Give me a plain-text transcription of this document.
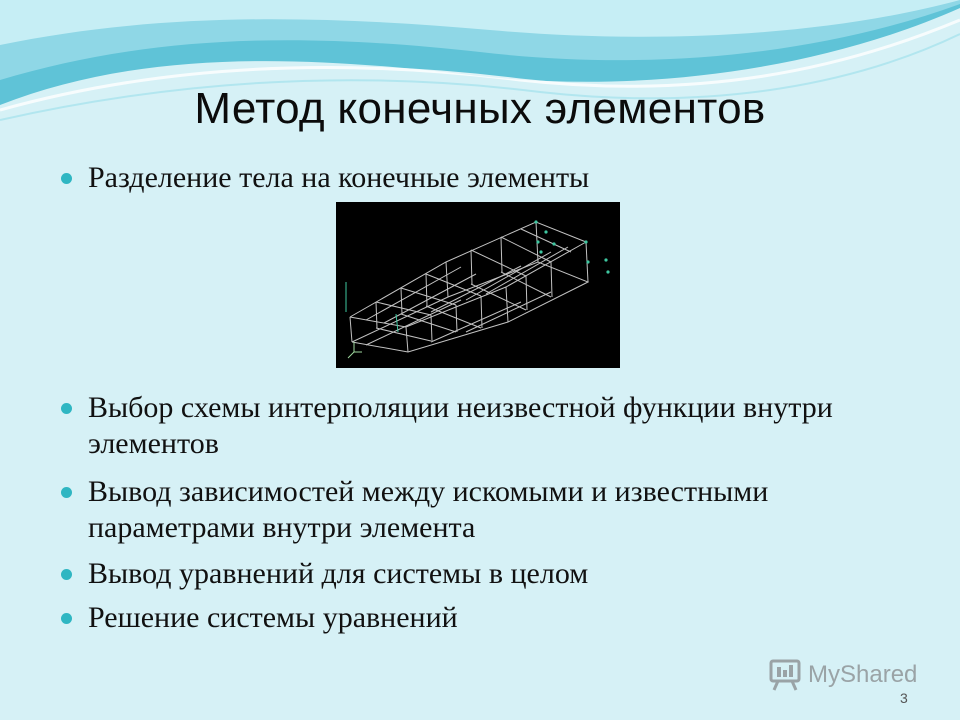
Метод конечных элементов
Разделение тела на конечные элементы
Выбор схемы интерполяции неизвестной функции внутри элементов
Вывод зависимостей между искомыми и известными параметрами внутри элемента
Вывод уравнений для системы в целом
Решение системы уравнений
MyShared
3
